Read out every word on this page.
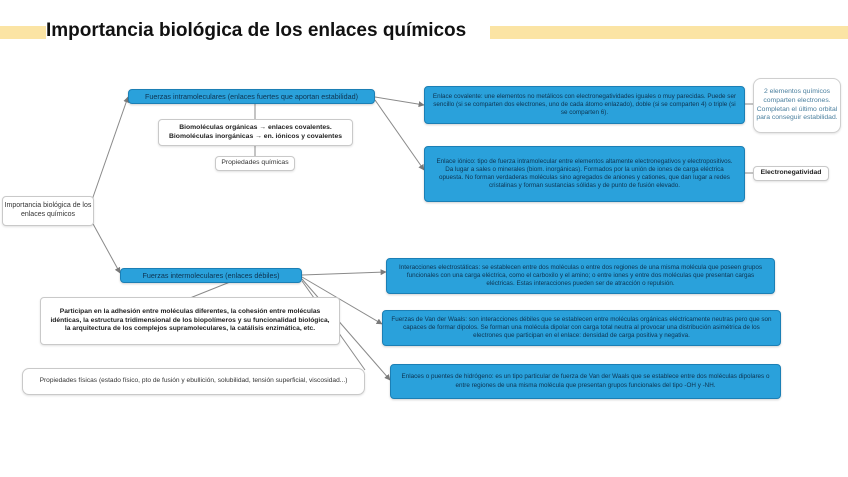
Importancia biológica de los enlaces químicos
Importancia biológica de los enlaces químicos
Fuerzas intramoleculares (enlaces fuertes que aportan estabilidad)
Biomoléculas orgánicas → enlaces covalentes. Biomoléculas inorgánicas → en. iónicos y covalentes
Propiedades químicas
Enlace covalente: une elementos no metálicos con electronegatividades iguales o muy parecidas. Puede ser sencillo (si se comparten dos electrones, uno de cada átomo enlazado), doble (si se comparten 4) o triple (si se comparten 6).
2 elementos químicos comparten electrones. Completan el último orbital para conseguir estabilidad.
Enlace iónico: tipo de fuerza intramolecular entre elementos altamente electronegativos y electropositivos. Da lugar a sales o minerales (biom. inorgánicas). Formados por la unión de iones de carga eléctrica opuesta. No forman verdaderas moléculas sino agregados de aniones y cationes, que dan lugar a redes cristalinas y forman sustancias sólidas y de punto de fusión elevado.
Electronegatividad
Fuerzas intermoleculares (enlaces débiles)
Participan en la adhesión entre moléculas diferentes, la cohesión entre moléculas idénticas, la estructura tridimensional de los biopolímeros y su funcionalidad biológica, la arquitectura de los complejos supramoleculares, la catálisis enzimática, etc.
Propiedades físicas (estado físico, pto de fusión y ebullición, solubilidad, tensión superficial, viscosidad...)
Interacciones electrostáticas: se establecen entre dos moléculas o entre dos regiones de una misma molécula que poseen grupos funcionales con una carga eléctrica, como el carboxilo y el amino; o entre iones y entre dos moléculas que presentan cargas eléctricas. Estas interacciones pueden ser de atracción o repulsión.
Fuerzas de Van der Waals: son interacciones débiles que se establecen entre moléculas orgánicas eléctricamente neutras pero que son capaces de formar dipolos. Se forman una molécula dipolar con carga total neutra al provocar una distribución asimétrica de los electrones que participan en el enlace: densidad de carga positiva y negativa.
Enlaces o puentes de hidrógeno: es un tipo particular de fuerza de Van der Waals que se establece entre dos moléculas dipolares o entre regiones de una misma molécula que presentan grupos funcionales del tipo -OH y -NH.
